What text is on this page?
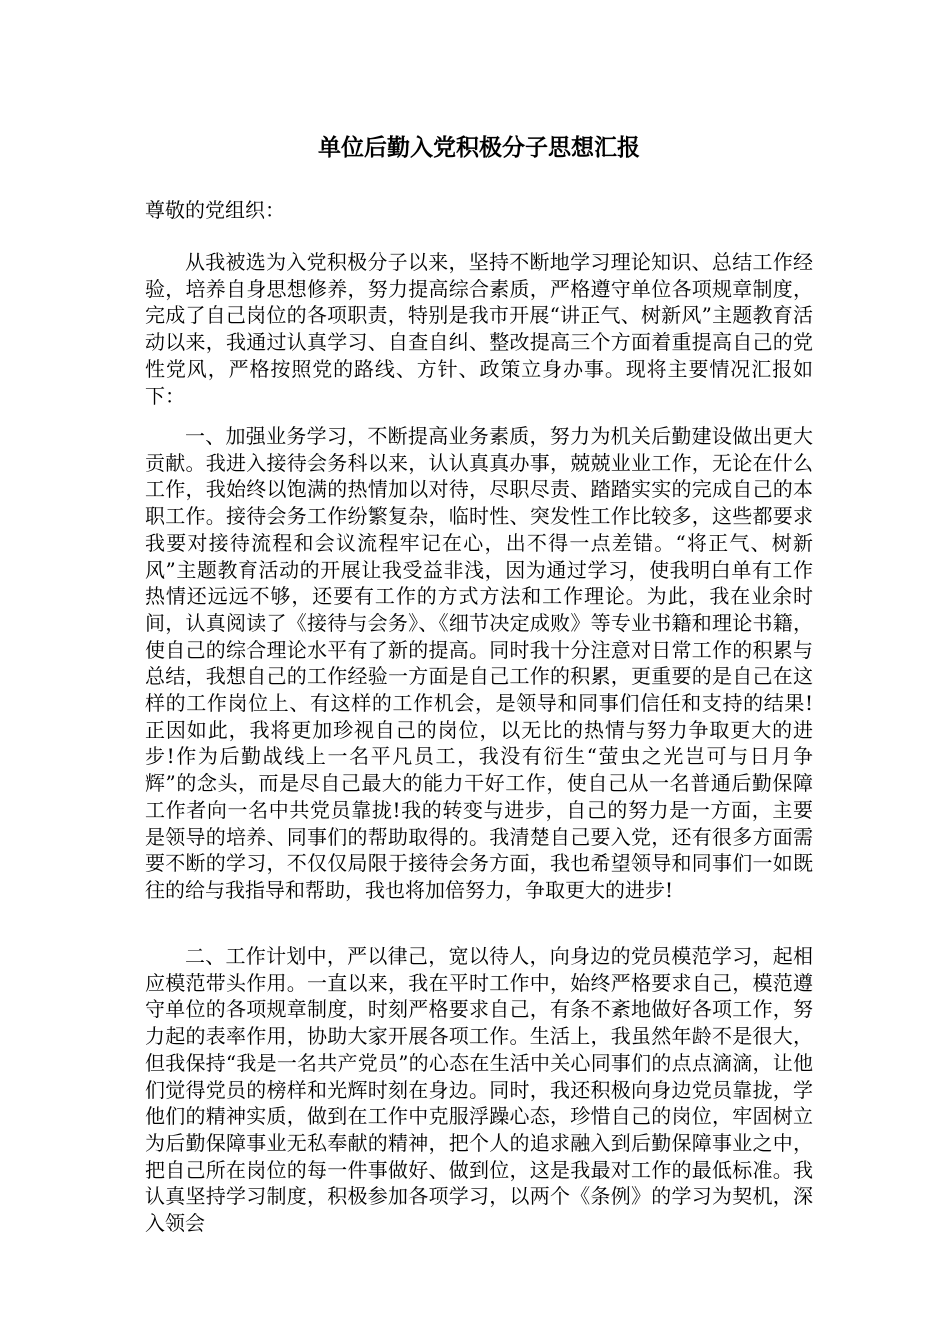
单位后勤入党积极分子思想汇报

尊敬的党组织：

从我被选为入党积极分子以来，坚持不断地学习理论知识、总结工作经验，培养自身思想修养，努力提高综合素质，严格遵守单位各项规章制度，完成了自己岗位的各项职责，特别是我市开展“讲正气、树新风”主题教育活动以来，我通过认真学习、自查自纠、整改提高三个方面着重提高自己的党性党风，严格按照党的路线、方针、政策立身办事。现将主要情况汇报如下：

一、加强业务学习，不断提高业务素质，努力为机关后勤建设做出更大贡献。我进入接待会务科以来，认认真真办事，兢兢业业工作，无论在什么工作，我始终以饱满的热情加以对待，尽职尽责、踏踏实实的完成自己的本职工作。接待会务工作纷繁复杂，临时性、突发性工作比较多，这些都要求我要对接待流程和会议流程牢记在心，出不得一点差错。“将正气、树新风”主题教育活动的开展让我受益非浅，因为通过学习，使我明白单有工作热情还远远不够，还要有工作的方式方法和工作理论。为此，我在业余时间，认真阅读了《接待与会务》、《细节决定成败》等专业书籍和理论书籍，使自己的综合理论水平有了新的提高。同时我十分注意对日常工作的积累与总结，我想自己的工作经验一方面是自己工作的积累，更重要的是自己在这样的工作岗位上、有这样的工作机会，是领导和同事们信任和支持的结果!正因如此，我将更加珍视自己的岗位，以无比的热情与努力争取更大的进步!作为后勤战线上一名平凡员工，我没有衍生“萤虫之光岂可与日月争辉”的念头，而是尽自己最大的能力干好工作，使自己从一名普通后勤保障工作者向一名中共党员靠拢!我的转变与进步，自己的努力是一方面，主要是领导的培养、同事们的帮助取得的。我清楚自己要入党，还有很多方面需要不断的学习，不仅仅局限于接待会务方面，我也希望领导和同事们一如既往的给与我指导和帮助，我也将加倍努力，争取更大的进步!

二、工作计划中，严以律己，宽以待人，向身边的党员模范学习，起相应模范带头作用。一直以来，我在平时工作中，始终严格要求自己，模范遵守单位的各项规章制度，时刻严格要求自己，有条不紊地做好各项工作，努力起的表率作用，协助大家开展各项工作。生活上，我虽然年龄不是很大，但我保持“我是一名共产党员”的心态在生活中关心同事们的点点滴滴，让他们觉得党员的榜样和光辉时刻在身边。同时，我还积极向身边党员靠拢，学他们的精神实质，做到在工作中克服浮躁心态，珍惜自己的岗位，牢固树立为后勤保障事业无私奉献的精神，把个人的追求融入到后勤保障事业之中，把自己所在岗位的每一件事做好、做到位，这是我最对工作的最低标准。我认真坚持学习制度，积极参加各项学习，以两个《条例》的学习为契机，深入领会
